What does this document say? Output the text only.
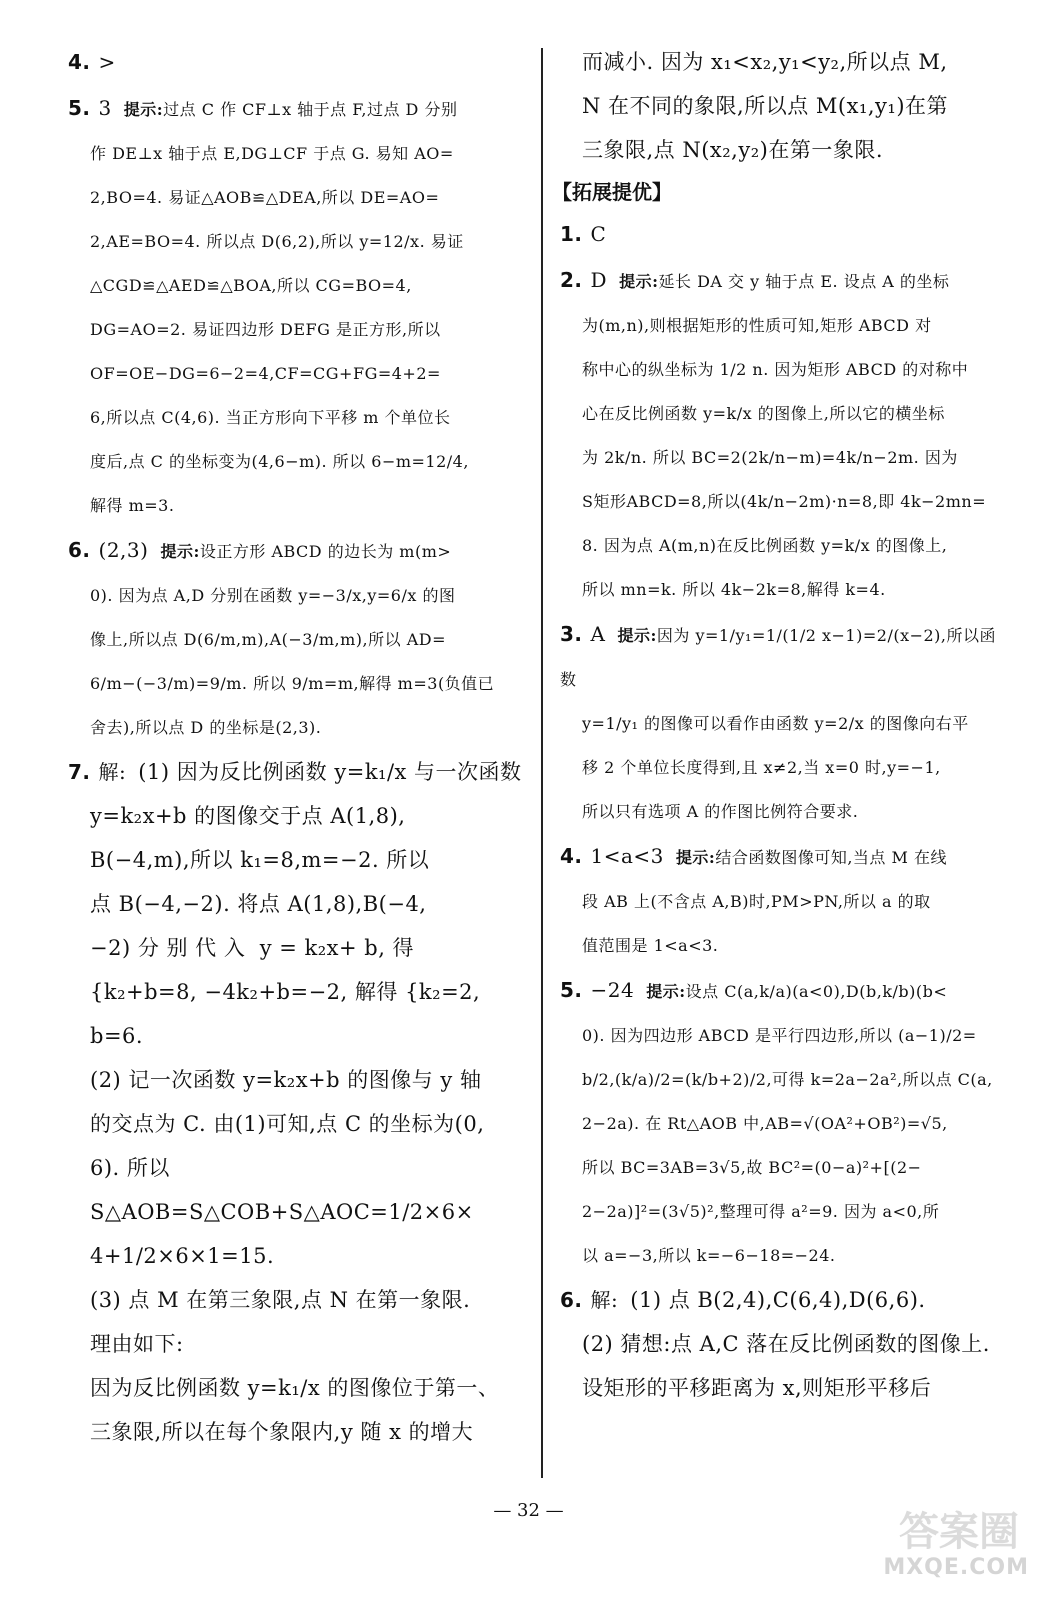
4. >

5. 3 提示:过点 C 作 CF⊥x 轴于点 F,过点 D 分别

作 DE⊥x 轴于点 E,DG⊥CF 于点 G. 易知 AO=

2,BO=4. 易证△AOB≌△DEA,所以 DE=AO=

2,AE=BO=4. 所以点 D(6,2),所以 y=12/x. 易证

△CGD≌△AED≌△BOA,所以 CG=BO=4,

DG=AO=2. 易证四边形 DEFG 是正方形,所以

OF=OE−DG=6−2=4,CF=CG+FG=4+2=

6,所以点 C(4,6). 当正方形向下平移 m 个单位长

度后,点 C 的坐标变为(4,6−m). 所以 6−m=12/4,

解得 m=3.

6. (2,3) 提示:设正方形 ABCD 的边长为 m(m>

0). 因为点 A,D 分别在函数 y=−3/x,y=6/x 的图

像上,所以点 D(6/m,m),A(−3/m,m),所以 AD=

6/m−(−3/m)=9/m. 所以 9/m=m,解得 m=3(负值已

舍去),所以点 D 的坐标是(2,3).

7. 解: (1) 因为反比例函数 y=k₁/x 与一次函数

y=k₂x+b 的图像交于点 A(1,8),

B(−4,m),所以 k₁=8,m=−2. 所以

点 B(−4,−2). 将点 A(1,8),B(−4,

−2) 分 别 代 入  y = k₂x+ b, 得

{k₂+b=8, −4k₂+b=−2, 解得 {k₂=2, b=6.

(2) 记一次函数 y=k₂x+b 的图像与 y 轴

的交点为 C. 由(1)可知,点 C 的坐标为(0,

6). 所以 S△AOB=S△COB+S△AOC=1/2×6×

4+1/2×6×1=15.

(3) 点 M 在第三象限,点 N 在第一象限.

理由如下:

因为反比例函数 y=k₁/x 的图像位于第一、

三象限,所以在每个象限内,y 随 x 的增大

而减小. 因为 x₁<x₂,y₁<y₂,所以点 M,

N 在不同的象限,所以点 M(x₁,y₁)在第

三象限,点 N(x₂,y₂)在第一象限.

【拓展提优】

1. C

2. D 提示:延长 DA 交 y 轴于点 E. 设点 A 的坐标

为(m,n),则根据矩形的性质可知,矩形 ABCD 对

称中心的纵坐标为 1/2 n. 因为矩形 ABCD 的对称中

心在反比例函数 y=k/x 的图像上,所以它的横坐标

为 2k/n. 所以 BC=2(2k/n−m)=4k/n−2m. 因为

S矩形ABCD=8,所以(4k/n−2m)·n=8,即 4k−2mn=

8. 因为点 A(m,n)在反比例函数 y=k/x 的图像上,

所以 mn=k. 所以 4k−2k=8,解得 k=4.

3. A 提示:因为 y=1/y₁=1/(1/2 x−1)=2/(x−2),所以函数

y=1/y₁ 的图像可以看作由函数 y=2/x 的图像向右平

移 2 个单位长度得到,且 x≠2,当 x=0 时,y=−1,

所以只有选项 A 的作图比例符合要求.

4. 1<a<3 提示:结合函数图像可知,当点 M 在线

段 AB 上(不含点 A,B)时,PM>PN,所以 a 的取

值范围是 1<a<3.

5. −24 提示:设点 C(a,k/a)(a<0),D(b,k/b)(b<

0). 因为四边形 ABCD 是平行四边形,所以 (a−1)/2=

b/2,(k/a)/2=(k/b+2)/2,可得 k=2a−2a²,所以点 C(a,

2−2a). 在 Rt△AOB 中,AB=√(OA²+OB²)=√5,

所以 BC=3AB=3√5,故 BC²=(0−a)²+[(2−

2−2a)]²=(3√5)²,整理可得 a²=9. 因为 a<0,所

以 a=−3,所以 k=−6−18=−24.

6. 解: (1) 点 B(2,4),C(6,4),D(6,6).

(2) 猜想:点 A,C 落在反比例函数的图像上.

设矩形的平移距离为 x,则矩形平移后

— 32 —	答案圈
MXQE.COM
